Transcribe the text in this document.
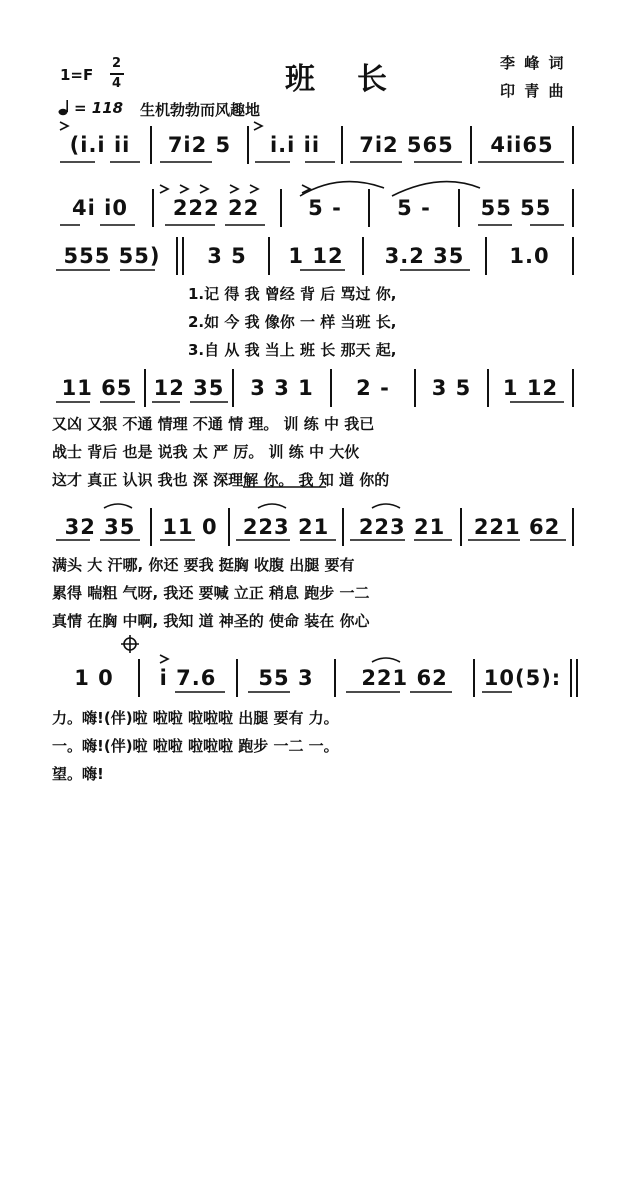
1=F
2
4	班长	李 峰 词
印 青 曲
= 118 生机勃勃而风趣地
(i.i ii	7i2 5	i.i ii	7i2 565	4ii65
4i i0	222 22	5 -	5 -	55 55
555 55)	3 5	1 12	3.2 35	1.0
11 65	12 35	3 3 1	2 -	3 5	1 12
32 35	11 0	223 21	223 21	221 62
1 0	i 7.6	55 3	221 62	10(5):
1.记 得 我 曾经 背 后 骂过 你,
2.如 今 我 像你 一 样 当班 长,
3.自 从 我 当上 班 长 那天 起,
又凶 又狠 不通 情理 不通 情 理。 训 练 中 我已
战士 背后 也是 说我 太 严 厉。 训 练 中 大伙
这才 真正 认识 我也 深 深理解 你。 我 知 道 你的
满头 大 汗哪, 你还 要我 挺胸 收腹 出腿 要有
累得 喘粗 气呀, 我还 要喊 立正 稍息 跑步 一二
真情 在胸 中啊, 我知 道 神圣的 使命 装在 你心
力。嗨!(伴)啦 啦啦 啦啦啦 出腿 要有 力。
一。嗨!(伴)啦 啦啦 啦啦啦 跑步 一二 一。
望。嗨!
